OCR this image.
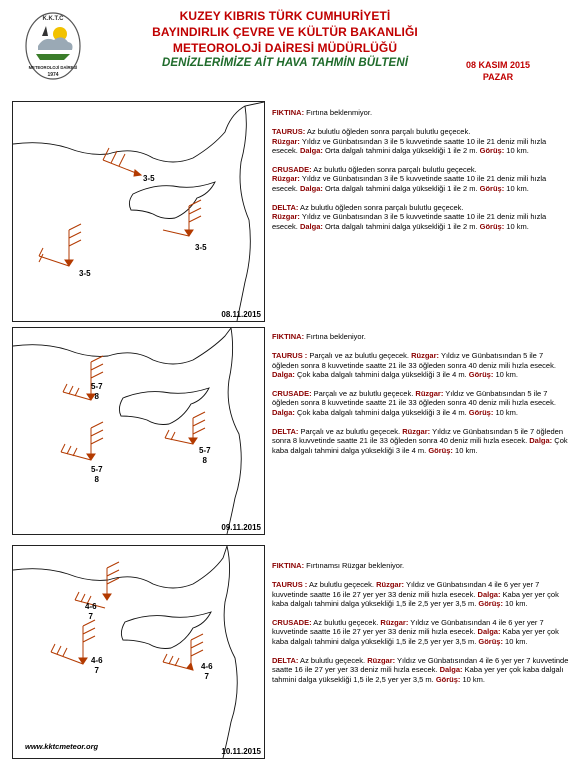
K.K.T.C
METEOROLOJİ DAİRESİ
1974
KUZEY KIBRIS TÜRK CUMHURİYETİ
BAYINDIRLIK ÇEVRE VE KÜLTÜR BAKANLIĞI
METEOROLOJİ DAİRESİ MÜDÜRLÜĞÜ
DENİZLERİMİZE AİT HAVA TAHMİN BÜLTENİ	08 KASIM 2015
PAZAR
3-5
3-5
3-5
08.11.2015
5-7
8
5-7
8
5-7
8
09.11.2015
4-6
7
4-6
7
4-6
7
www.kktcmeteor.org
10.11.2015

FIKTINA: Fırtına beklenmiyor.

TAURUS: Az bulutlu öğleden sonra parçalı bulutlu geçecek.
Rüzgar: Yıldız ve Günbatısından 3 ile 5 kuvvetinde saatte 10 ile 21 deniz mili hızla esecek. Dalga: Orta dalgalı tahmini dalga yüksekliği 1 ile 2 m. Görüş: 10 km.

CRUSADE: Az bulutlu öğleden sonra parçalı bulutlu geçecek.
Rüzgar: Yıldız ve Günbatısından 3 ile 5 kuvvetinde saatte 10 ile 21 deniz mili hızla esecek. Dalga: Orta dalgalı tahmini dalga yüksekliği 1 ile 2 m. Görüş: 10 km.

DELTA: Az bulutlu öğleden sonra parçalı bulutlu geçecek.
Rüzgar: Yıldız ve Günbatısından 3 ile 5 kuvvetinde saatte 10 ile 21 deniz mili hızla esecek. Dalga: Orta dalgalı tahmini dalga yüksekliği 1 ile 2 m. Görüş: 10 km.

FIKTINA: Fırtına bekleniyor.

TAURUS : Parçalı ve az bulutlu geçecek. Rüzgar: Yıldız ve Günbatısından 5 ile 7 öğleden sonra 8 kuvvetinde saatte 21 ile 33 öğleden sonra 40 deniz mili hızla esecek. Dalga: Çok kaba dalgalı tahmini dalga yüksekliği 3 ile 4 m. Görüş: 10 km.

CRUSADE: Parçalı ve az bulutlu geçecek. Rüzgar: Yıldız ve Günbatısından 5 ile 7 öğleden sonra 8 kuvvetinde saatte 21 ile 33 öğleden sonra 40 deniz mili hızla esecek. Dalga: Çok kaba dalgalı tahmini dalga yüksekliği 3 ile 4 m. Görüş: 10 km.

DELTA: Parçalı ve az bulutlu geçecek. Rüzgar: Yıldız ve Günbatısından 5 ile 7 öğleden sonra 8 kuvvetinde saatte 21 ile 33 öğleden sonra 40 deniz mili hızla esecek. Dalga: Çok kaba dalgalı tahmini dalga yüksekliği 3 ile 4 m. Görüş: 10 km.

FIKTINA: Fırtınamsı Rüzgar bekleniyor.

TAURUS : Az bulutlu geçecek. Rüzgar: Yıldız ve Günbatısından 4 ile 6 yer yer 7 kuvvetinde saatte 16 ile 27 yer yer 33 deniz mili hızla esecek. Dalga: Kaba yer yer çok kaba dalgalı tahmini dalga yüksekliği 1,5 ile 2,5 yer yer 3,5 m. Görüş: 10 km.

CRUSADE: Az bulutlu geçecek. Rüzgar: Yıldız ve Günbatısından 4 ile 6 yer yer 7 kuvvetinde saatte 16 ile 27 yer yer 33 deniz mili hızla esecek. Dalga: Kaba yer yer çok kaba dalgalı tahmini dalga yüksekliği 1,5 ile 2,5 yer yer 3,5 m. Görüş: 10 km.

DELTA: Az bulutlu geçecek. Rüzgar: Yıldız ve Günbatısından 4 ile 6 yer yer 7 kuvvetinde saatte 16 ile 27 yer yer 33 deniz mili hızla esecek. Dalga: Kaba yer yer çok kaba dalgalı tahmini dalga yüksekliği 1,5 ile 2,5 yer yer 3,5 m. Görüş: 10 km.
